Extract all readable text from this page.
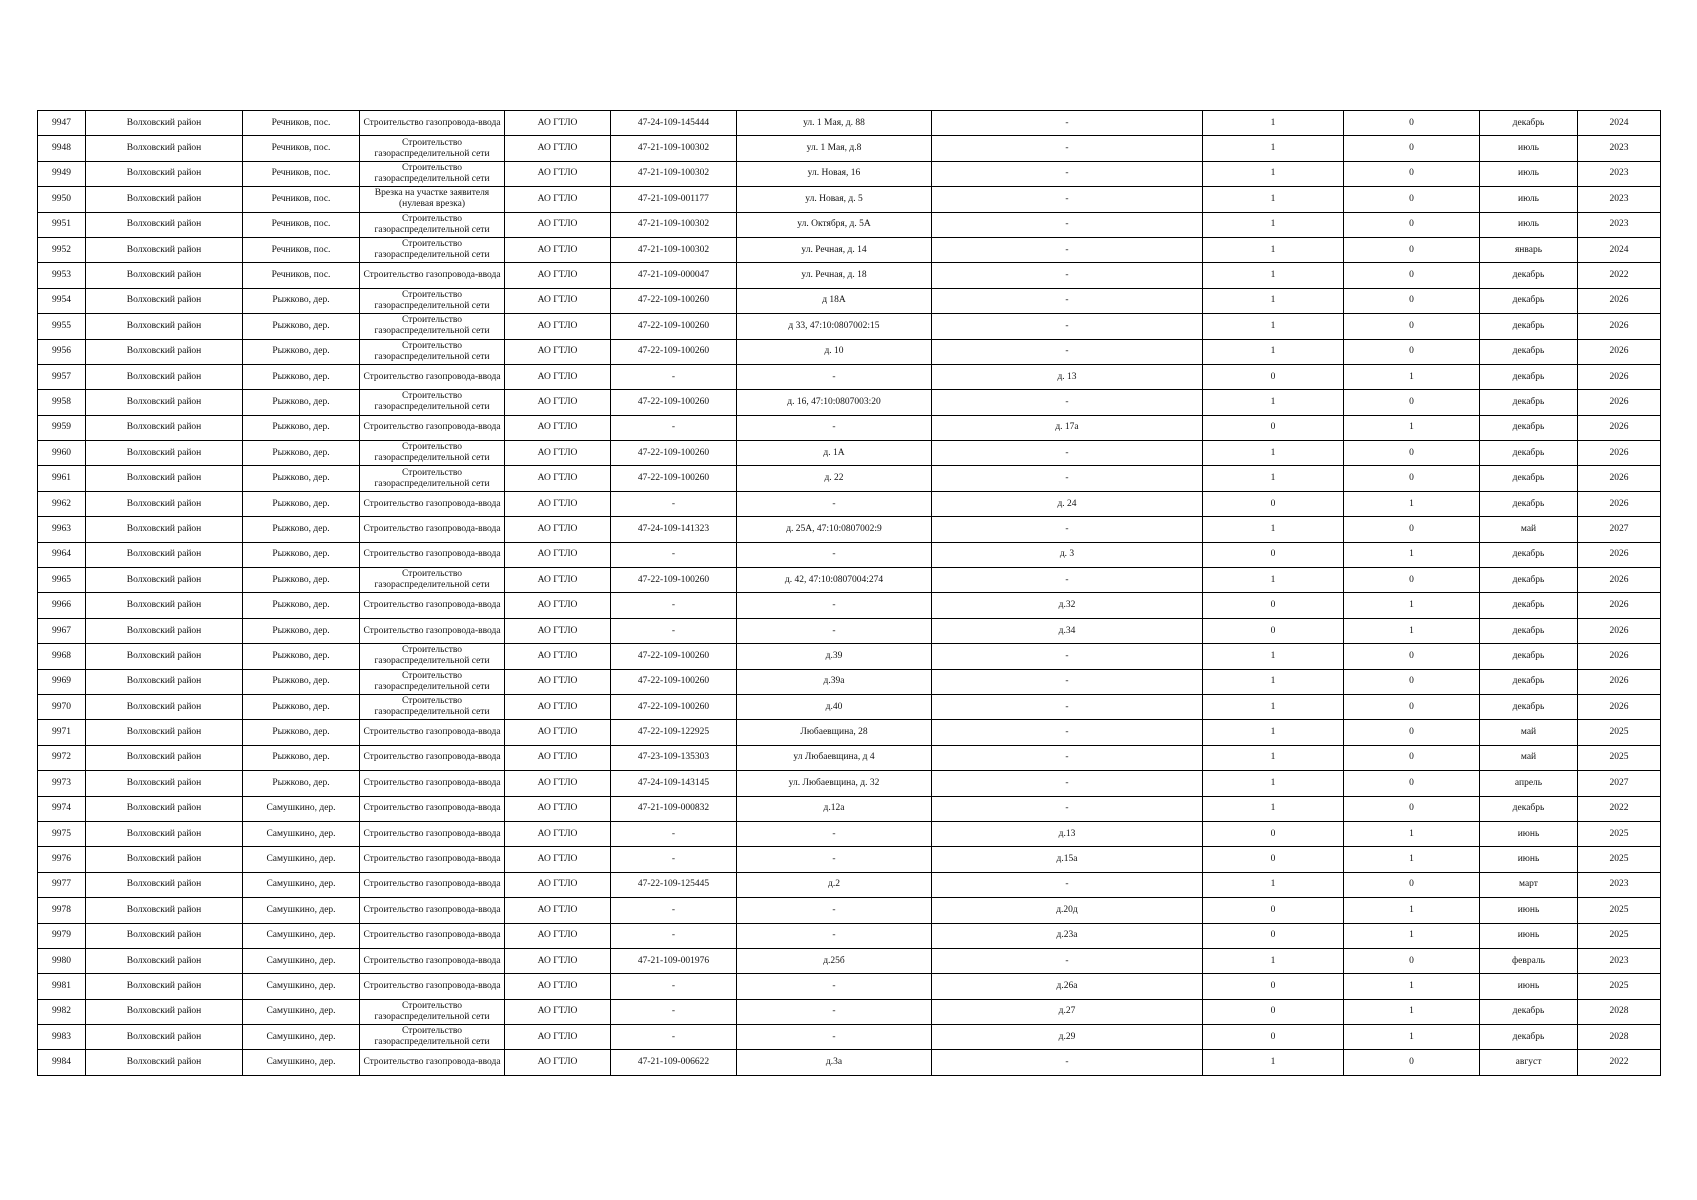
9947	Волховский район	Речников, пос.	Строительство газопровода-ввода	АО ГТЛО	47-24-109-145444	ул. 1 Мая, д. 88	-	1	0	декабрь	2024
9948	Волховский район	Речников, пос.	Строительство газораспределительной сети	АО ГТЛО	47-21-109-100302	ул. 1 Мая, д.8	-	1	0	июль	2023
9949	Волховский район	Речников, пос.	Строительство газораспределительной сети	АО ГТЛО	47-21-109-100302	ул. Новая, 16	-	1	0	июль	2023
9950	Волховский район	Речников, пос.	Врезка на участке заявителя (нулевая врезка)	АО ГТЛО	47-21-109-001177	ул. Новая, д. 5	-	1	0	июль	2023
9951	Волховский район	Речников, пос.	Строительство газораспределительной сети	АО ГТЛО	47-21-109-100302	ул. Октября, д. 5А	-	1	0	июль	2023
9952	Волховский район	Речников, пос.	Строительство газораспределительной сети	АО ГТЛО	47-21-109-100302	ул. Речная, д. 14	-	1	0	январь	2024
9953	Волховский район	Речников, пос.	Строительство газопровода-ввода	АО ГТЛО	47-21-109-000047	ул. Речная, д. 18	-	1	0	декабрь	2022
9954	Волховский район	Рыжково, дер.	Строительство газораспределительной сети	АО ГТЛО	47-22-109-100260	д 18А	-	1	0	декабрь	2026
9955	Волховский район	Рыжково, дер.	Строительство газораспределительной сети	АО ГТЛО	47-22-109-100260	д 33, 47:10:0807002:15	-	1	0	декабрь	2026
9956	Волховский район	Рыжково, дер.	Строительство газораспределительной сети	АО ГТЛО	47-22-109-100260	д. 10	-	1	0	декабрь	2026
9957	Волховский район	Рыжково, дер.	Строительство газопровода-ввода	АО ГТЛО	-	-	д. 13	0	1	декабрь	2026
9958	Волховский район	Рыжково, дер.	Строительство газораспределительной сети	АО ГТЛО	47-22-109-100260	д. 16, 47:10:0807003:20	-	1	0	декабрь	2026
9959	Волховский район	Рыжково, дер.	Строительство газопровода-ввода	АО ГТЛО	-	-	д. 17а	0	1	декабрь	2026
9960	Волховский район	Рыжково, дер.	Строительство газораспределительной сети	АО ГТЛО	47-22-109-100260	д. 1А	-	1	0	декабрь	2026
9961	Волховский район	Рыжково, дер.	Строительство газораспределительной сети	АО ГТЛО	47-22-109-100260	д. 22	-	1	0	декабрь	2026
9962	Волховский район	Рыжково, дер.	Строительство газопровода-ввода	АО ГТЛО	-	-	д. 24	0	1	декабрь	2026
9963	Волховский район	Рыжково, дер.	Строительство газопровода-ввода	АО ГТЛО	47-24-109-141323	д. 25А, 47:10:0807002:9	-	1	0	май	2027
9964	Волховский район	Рыжково, дер.	Строительство газопровода-ввода	АО ГТЛО	-	-	д. 3	0	1	декабрь	2026
9965	Волховский район	Рыжково, дер.	Строительство газораспределительной сети	АО ГТЛО	47-22-109-100260	д. 42, 47:10:0807004:274	-	1	0	декабрь	2026
9966	Волховский район	Рыжково, дер.	Строительство газопровода-ввода	АО ГТЛО	-	-	д.32	0	1	декабрь	2026
9967	Волховский район	Рыжково, дер.	Строительство газопровода-ввода	АО ГТЛО	-	-	д.34	0	1	декабрь	2026
9968	Волховский район	Рыжково, дер.	Строительство газораспределительной сети	АО ГТЛО	47-22-109-100260	д.39	-	1	0	декабрь	2026
9969	Волховский район	Рыжково, дер.	Строительство газораспределительной сети	АО ГТЛО	47-22-109-100260	д.39а	-	1	0	декабрь	2026
9970	Волховский район	Рыжково, дер.	Строительство газораспределительной сети	АО ГТЛО	47-22-109-100260	д.40	-	1	0	декабрь	2026
9971	Волховский район	Рыжково, дер.	Строительство газопровода-ввода	АО ГТЛО	47-22-109-122925	Любаевщина, 28	-	1	0	май	2025
9972	Волховский район	Рыжково, дер.	Строительство газопровода-ввода	АО ГТЛО	47-23-109-135303	ул Любаевщина, д 4	-	1	0	май	2025
9973	Волховский район	Рыжково, дер.	Строительство газопровода-ввода	АО ГТЛО	47-24-109-143145	ул. Любаевщина, д. 32	-	1	0	апрель	2027
9974	Волховский район	Самушкино, дер.	Строительство газопровода-ввода	АО ГТЛО	47-21-109-000832	д.12а	-	1	0	декабрь	2022
9975	Волховский район	Самушкино, дер.	Строительство газопровода-ввода	АО ГТЛО	-	-	д.13	0	1	июнь	2025
9976	Волховский район	Самушкино, дер.	Строительство газопровода-ввода	АО ГТЛО	-	-	д.15а	0	1	июнь	2025
9977	Волховский район	Самушкино, дер.	Строительство газопровода-ввода	АО ГТЛО	47-22-109-125445	д.2	-	1	0	март	2023
9978	Волховский район	Самушкино, дер.	Строительство газопровода-ввода	АО ГТЛО	-	-	д.20д	0	1	июнь	2025
9979	Волховский район	Самушкино, дер.	Строительство газопровода-ввода	АО ГТЛО	-	-	д.23а	0	1	июнь	2025
9980	Волховский район	Самушкино, дер.	Строительство газопровода-ввода	АО ГТЛО	47-21-109-001976	д.25б	-	1	0	февраль	2023
9981	Волховский район	Самушкино, дер.	Строительство газопровода-ввода	АО ГТЛО	-	-	д.26а	0	1	июнь	2025
9982	Волховский район	Самушкино, дер.	Строительство газораспределительной сети	АО ГТЛО	-	-	д.27	0	1	декабрь	2028
9983	Волховский район	Самушкино, дер.	Строительство газораспределительной сети	АО ГТЛО	-	-	д.29	0	1	декабрь	2028
9984	Волховский район	Самушкино, дер.	Строительство газопровода-ввода	АО ГТЛО	47-21-109-006622	д.3а	-	1	0	август	2022
